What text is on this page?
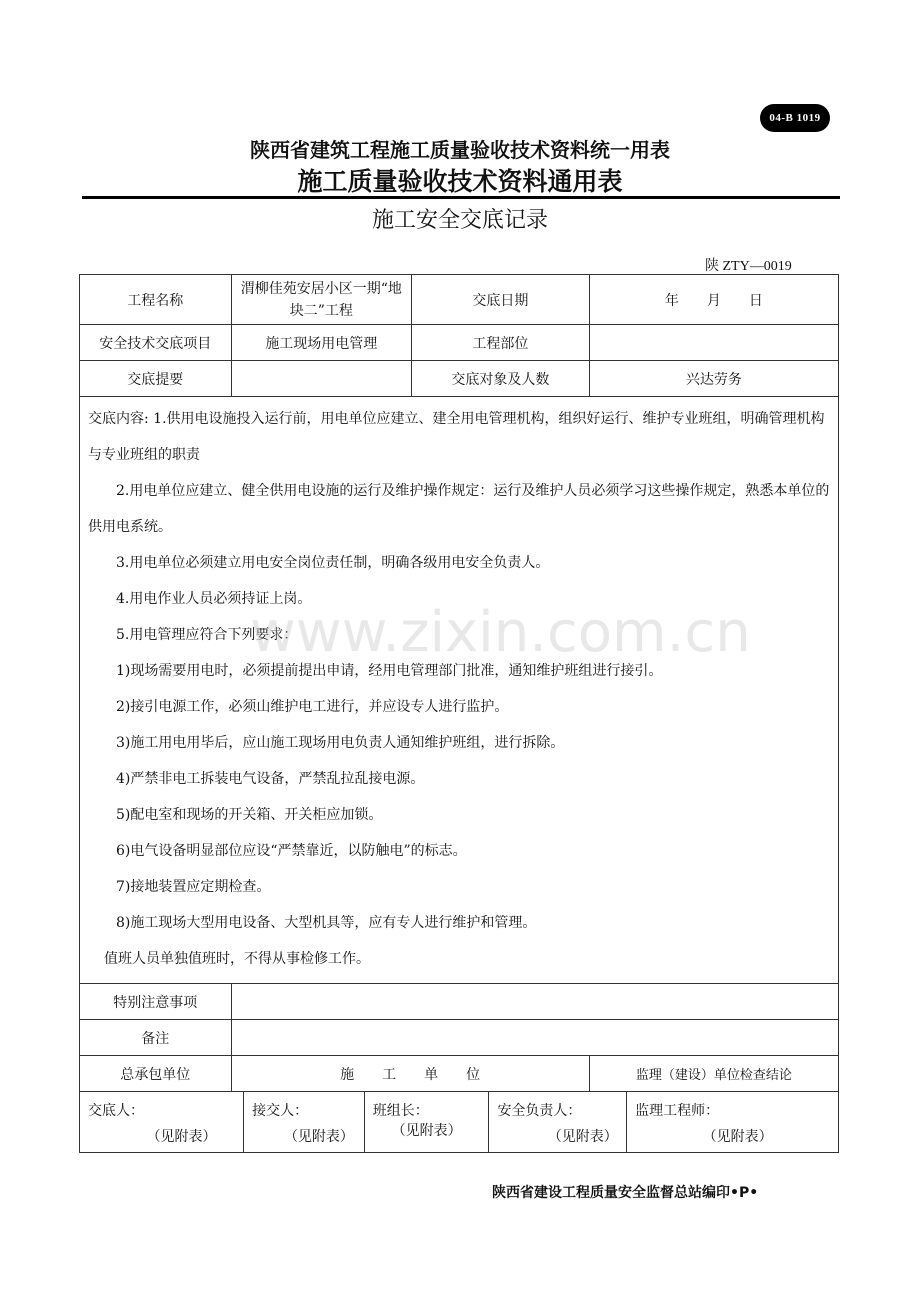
04-B 1019
陕西省建筑工程施工质量验收技术资料统一用表
施工质量验收技术资料通用表
施工安全交底记录
陕 ZTY—0019
工程名称	渭柳佳苑安居小区一期“地块二”工程	交底日期	年　　月　　日
安全技术交底项目	施工现场用电管理	工程部位	
交底提要		交底对象及人数	兴达劳务

交底内容: 1.供用电设施投入运行前，用电单位应建立、建全用电管理机构，组织好运行、维护专业班组，明确管理机构与专业班组的职责

2.用电单位应建立、健全供用电设施的运行及维护操作规定：运行及维护人员必须学习这些操作规定，熟悉本单位的供用电系统。

3.用电单位必须建立用电安全岗位责任制，明确各级用电安全负责人。

4.用电作业人员必须持证上岗。

5.用电管理应符合下列要求：

1)现场需要用电时，必须提前提出申请，经用电管理部门批准，通知维护班组进行接引。

2)接引电源工作，必须山维护电工进行，并应设专人进行监护。

3)施工用电用毕后，应山施工现场用电负责人通知维护班组，进行拆除。

4)严禁非电工拆装电气设备，严禁乱拉乱接电源。

5)配电室和现场的开关箱、开关柜应加锁。

6)电气设备明显部位应设“严禁靠近，以防触电”的标志。

7)接地装置应定期检查。

8)施工现场大型用电设备、大型机具等，应有专人进行维护和管理。

值班人员单独值班时，不得从事检修工作。

特别注意事项	
备注	
总承包单位	施　　工　　单　　位	监理（建设）单位检查结论

交底人：
（见附表）

接交人：
（见附表）

班组长：
（见附表）

安全负责人：
（见附表）

监理工程师：
（见附表）
www.zixin.com.cn
陕西省建设工程质量安全监督总站编印•P•
